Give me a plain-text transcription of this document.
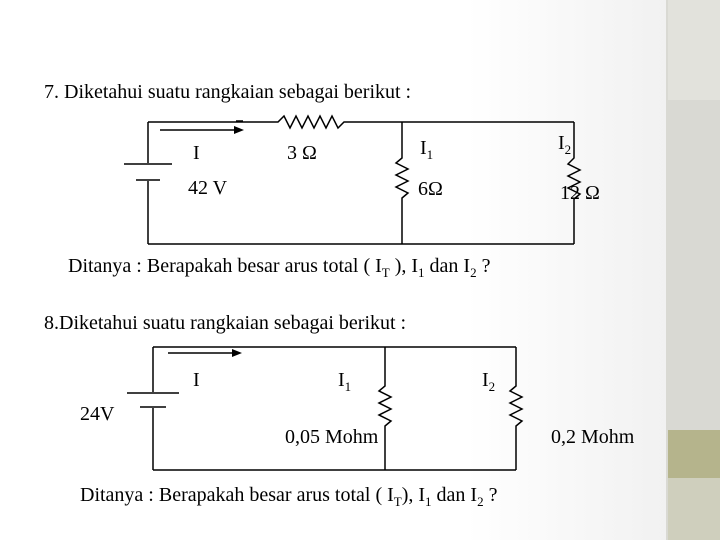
7. Diketahui suatu rangkaian sebagai berikut :
I
42 V
3 Ω	$I_1$
6Ω
$I_2$
12 Ω
Ditanya : Berapakah besar arus total ( $I_T$ ), $I_1$ dan $I_2$ ?
8.Diketahui suatu rangkaian sebagai berikut :
I
24V
$I_1$	$I_2$
0,05 Mohm	0,2 Mohm
Ditanya : Berapakah besar arus total ( $I_T$), $I_1$ dan $I_2$ ?
